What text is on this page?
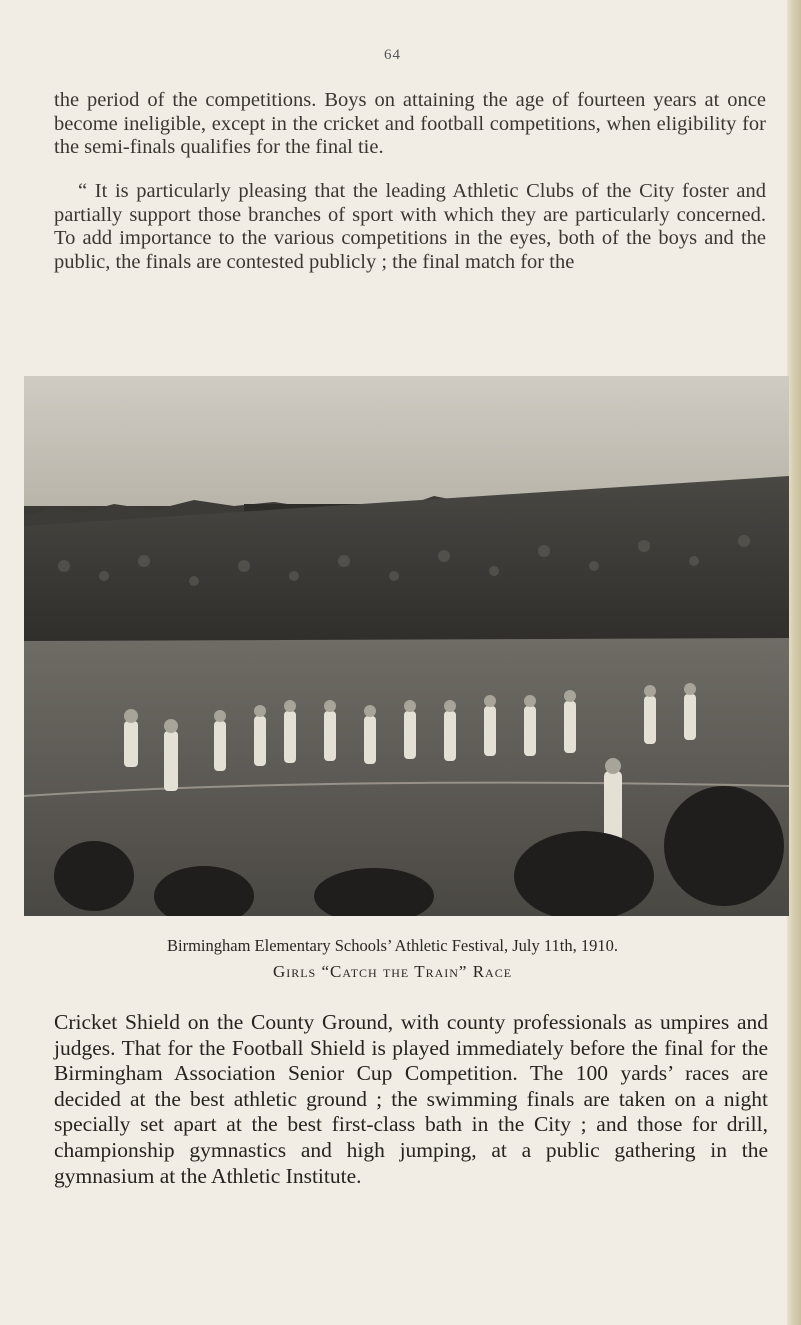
64

the period of the competitions. Boys on attaining the age of fourteen years at once become ineligible, except in the cricket and football competitions, when eligibility for the semi-finals qualifies for the final tie.

“ It is particularly pleasing that the leading Athletic Clubs of the City foster and partially support those branches of sport with which they are particularly concerned. To add importance to the various competitions in the eyes, both of the boys and the public, the finals are contested publicly ; the final match for the

Birmingham Elementary Schools’ Athletic Festival, July 11th, 1910.
Girls “Catch the Train” Race

Cricket Shield on the County Ground, with county professionals as umpires and judges. That for the Football Shield is played immediately before the final for the Birmingham Association Senior Cup Competition. The 100 yards’ races are decided at the best athletic ground ; the swimming finals are taken on a night specially set apart at the best first-class bath in the City ; and those for drill, championship gymnastics and high jumping, at a public gathering in the gymnasium at the Athletic Institute.
